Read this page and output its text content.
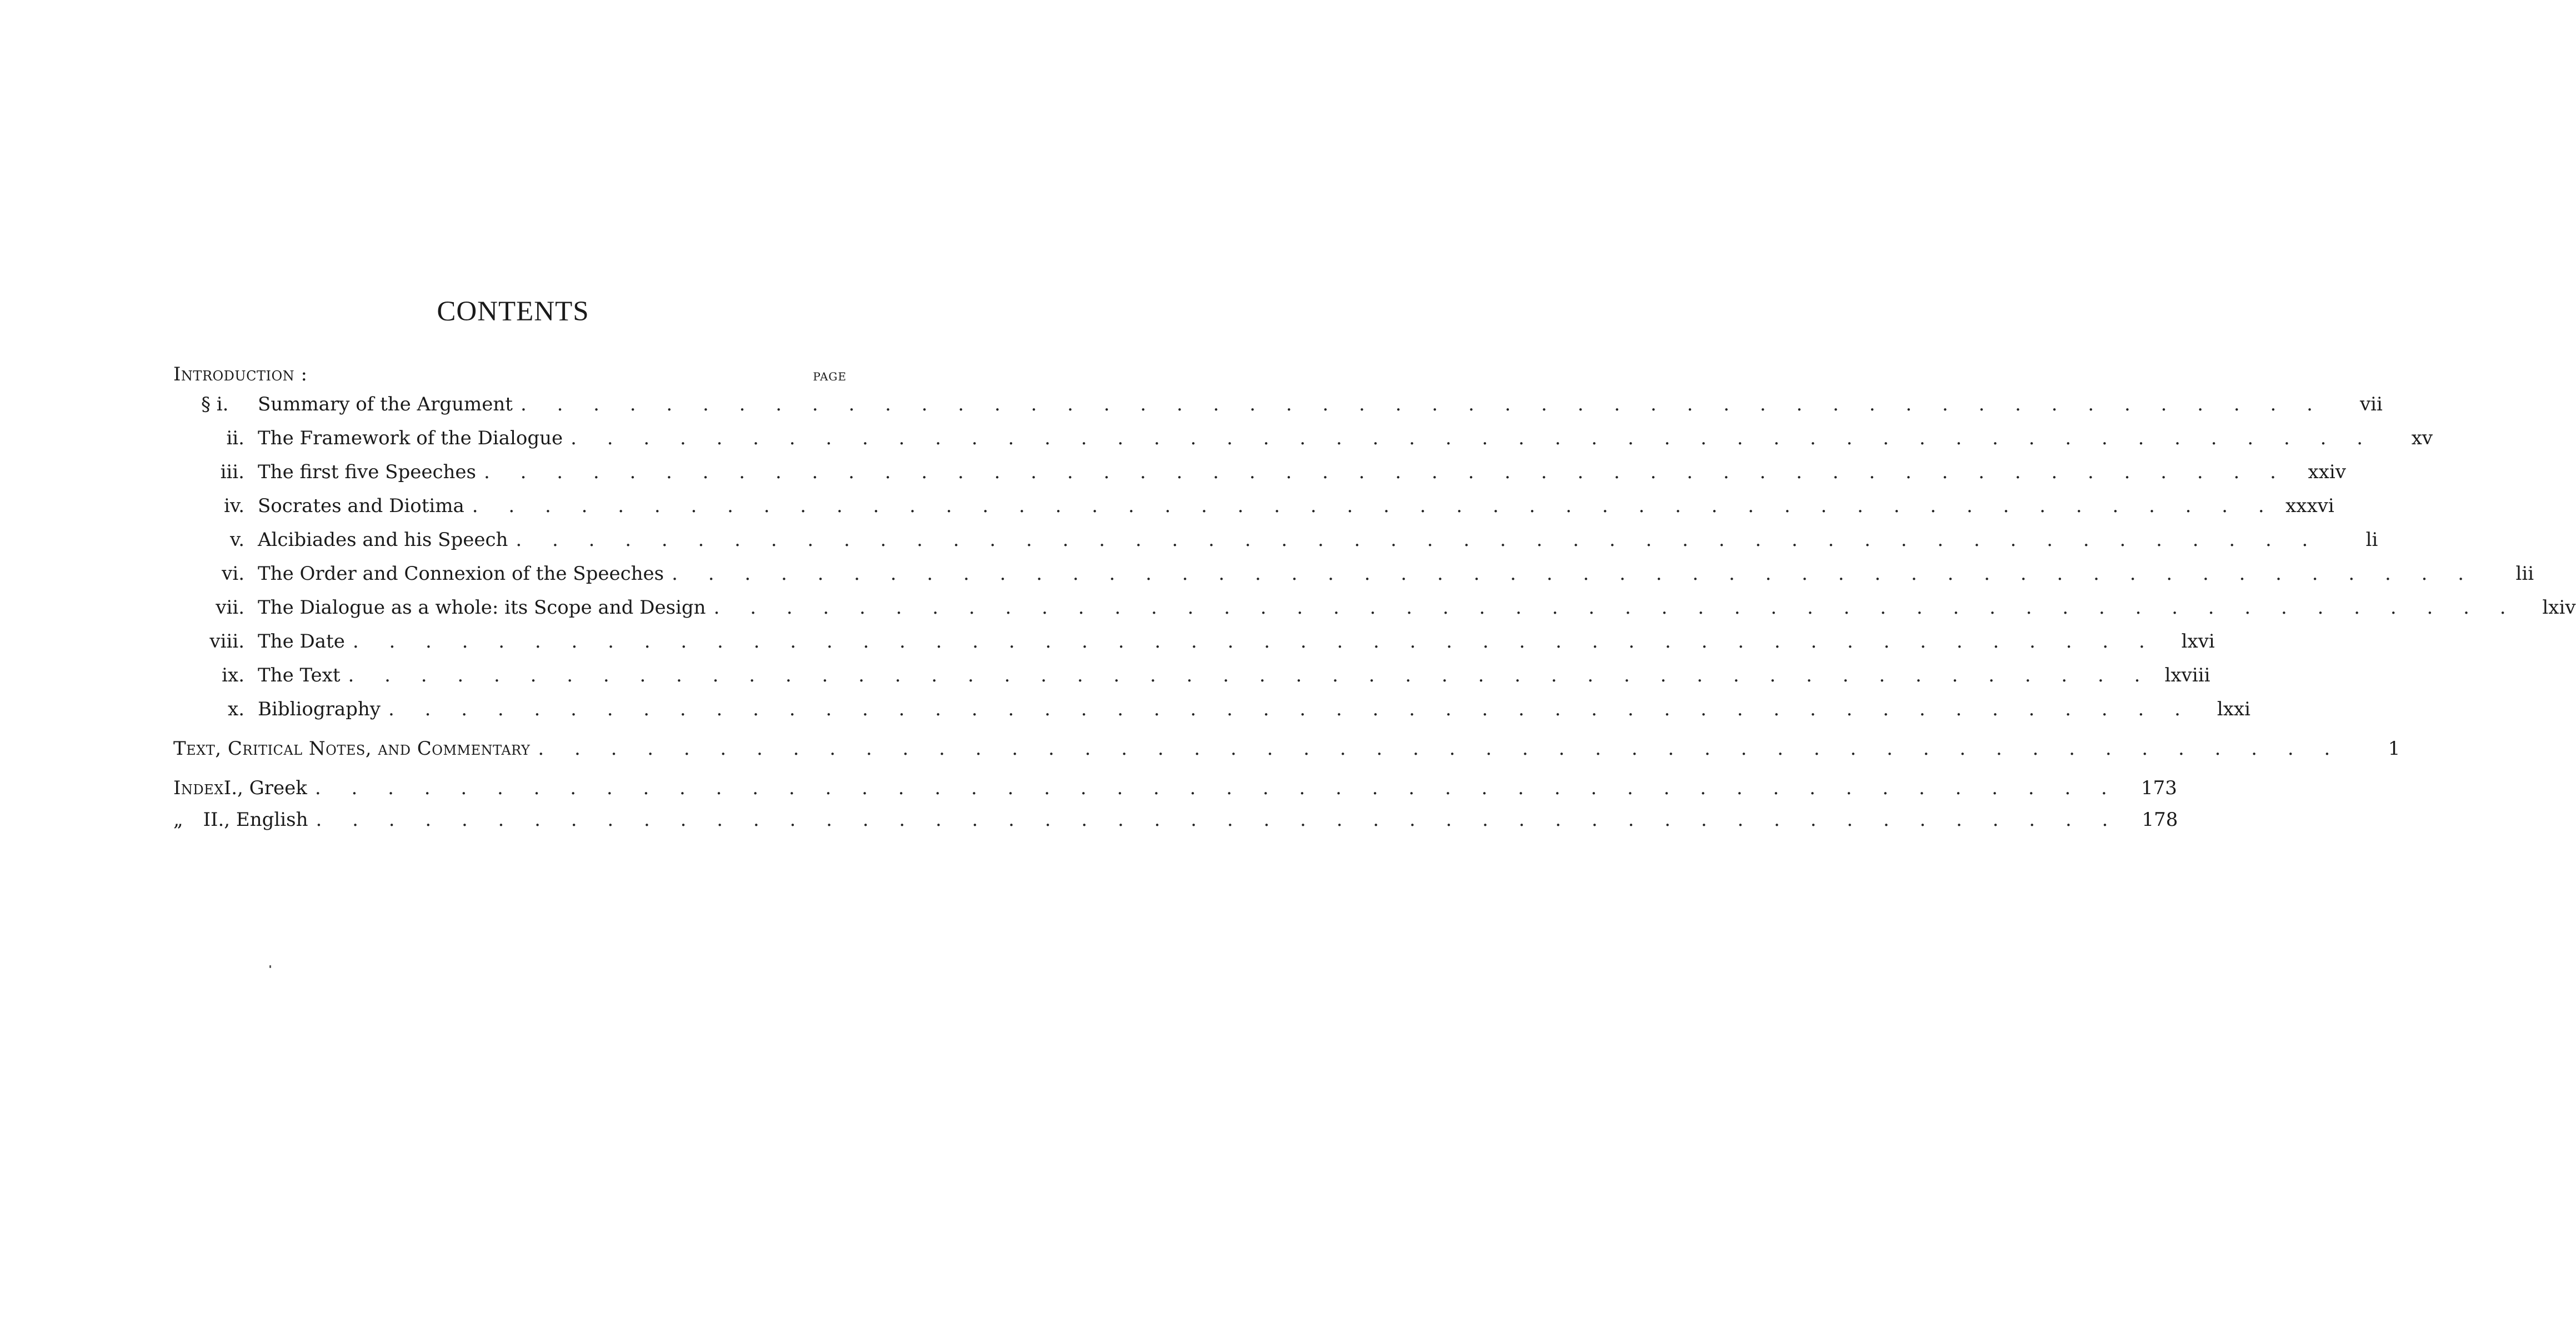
CONTENTS
Introduction :	page
§ i.	Summary of the Argument . . .	vii
ii. The Framework of the Dialogue . . .	xv
iii. The first five Speeches . . .	xxiv
iv. Socrates and Diotima . . .	xxxvi
v. Alcibiades and his Speech . . .	li
vi. The Order and Connexion of the Speeches . . .	lii
vii. The Dialogue as a whole: its Scope and Design . . .	lxiv
viii. The Date . . .	lxvi
ix. The Text . . .	lxviii
x. Bibliography . . .	lxxi
Text, Critical Notes, and Commentary . . .	1
Index I., Greek . . .	173
„	II., English . . .	178
